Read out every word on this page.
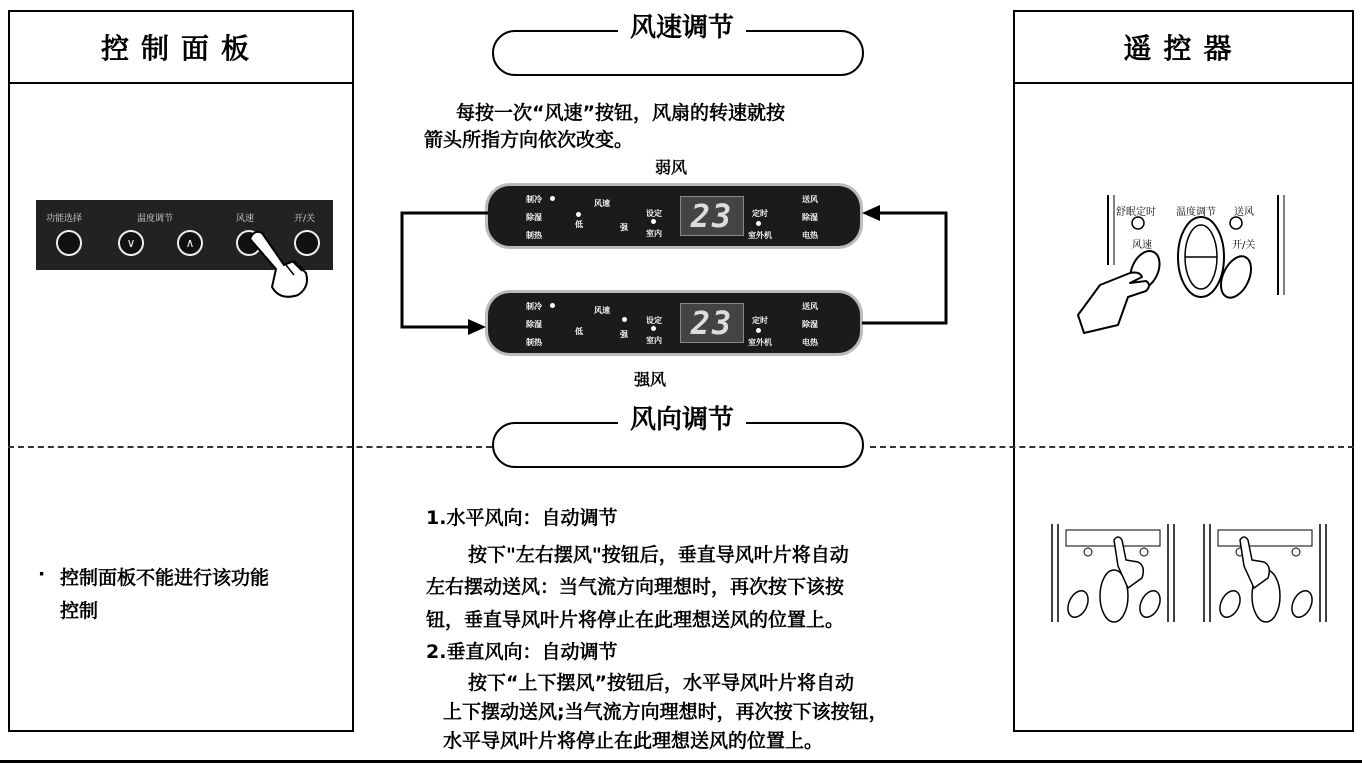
控制面板
功能选择	温度调节	风速	开/关
∨	∧
· 控制面板不能进行该功能
控制
遥控器
舒眠定时 温度调节 送风
风速	开/关
风速调节
每按一次“风速”按钮，风扇的转速就按
箭头所指方向依次改变。
弱风
强风
制冷
除湿
制热
风速
低	强
设定
室内 23	定时
室外机
送风
除湿
电热
制冷
除湿
制热
风速
低	强
设定
室内 23	定时
室外机
送风
除湿
电热
风向调节
1.水平风向：自动调节
按下"左右摆风"按钮后，垂直导风叶片将自动
左右摆动送风：当气流方向理想时，再次按下该按
钮，垂直导风叶片将停止在此理想送风的位置上。
2.垂直风向：自动调节
按下“上下摆风”按钮后，水平导风叶片将自动
上下摆动送风;当气流方向理想时，再次按下该按钮，
水平导风叶片将停止在此理想送风的位置上。
